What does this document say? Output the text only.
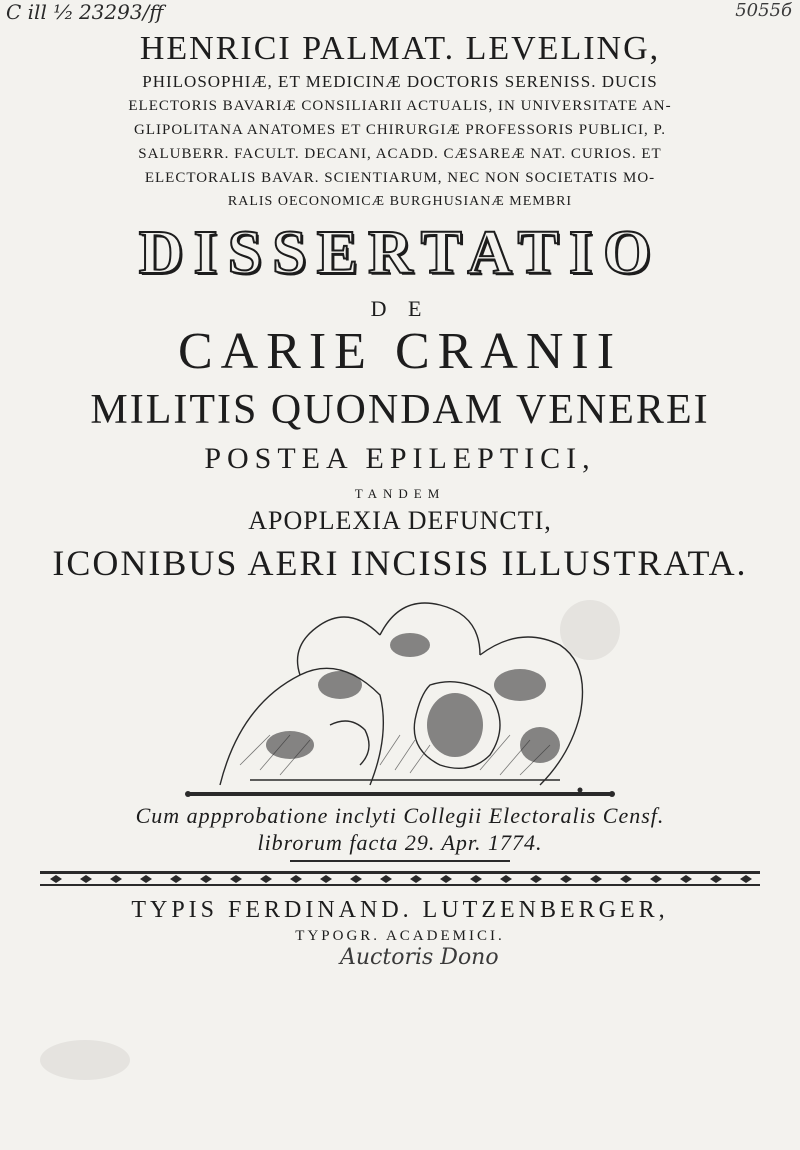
C ill ⅟₂ 23293/ff	5055б
HENRICI PALMAT. LEVELING,
PHILOSOPHIÆ, ET MEDICINÆ DOCTORIS SERENISS. DUCIS
ELECTORIS BAVARIÆ CONSILIARII ACTUALIS, IN UNIVERSITATE AN-
GLIPOLITANA ANATOMES ET CHIRURGIÆ PROFESSORIS PUBLICI, P.
SALUBERR. FACULT. DECANI, ACADD. CÆSAREÆ NAT. CURIOS. ET
ELECTORALIS BAVAR. SCIENTIARUM, NEC NON SOCIETATIS MO-
RALIS OECONOMICÆ BURGHUSIANÆ MEMBRI
DISSERTATIO
D E
CARIE CRANII
MILITIS QUONDAM VENEREI
POSTEA EPILEPTICI,
TANDEM
APOPLEXIA DEFUNCTI,
ICONIBUS AERI INCISIS ILLUSTRATA.
Cum appprobatione inclyti Collegii Electoralis Censf.
librorum facta 29. Apr. 1774.
TYPIS FERDINAND. LUTZENBERGER,
TYPOGR. ACADEMICI.
Auctoris Dono
